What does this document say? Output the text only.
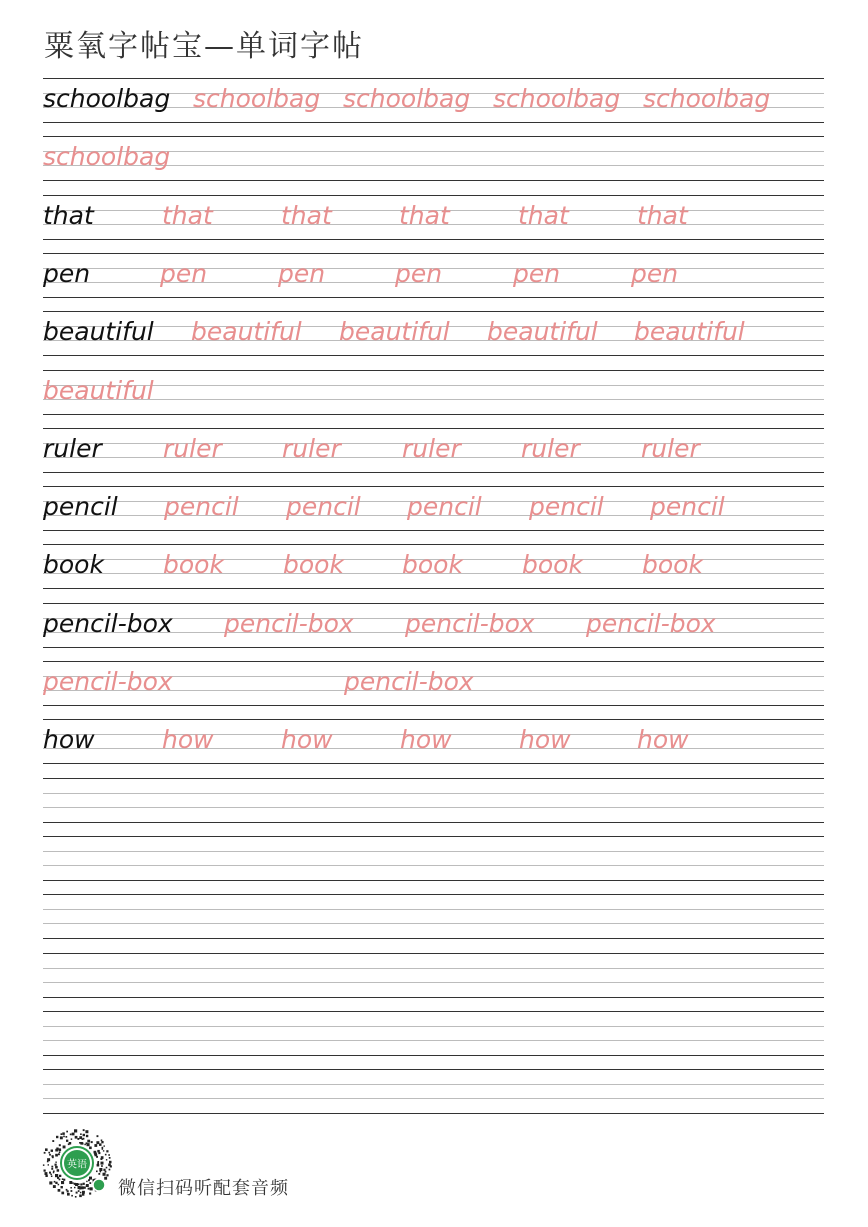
粟氧字帖宝—单词字帖
schoolbag schoolbag schoolbag schoolbag schoolbag
schoolbag
that	that	that	that	that	that
pen	pen	pen	pen	pen	pen
beautiful beautiful beautiful beautiful beautiful
beautiful
ruler ruler ruler ruler ruler ruler
pencil pencil pencil pencil pencil pencil
book book book book book book
pencil-box pencil-box pencil-box pencil-box
pencil-box	pencil-box
how	how	how	how	how	how
英语
微信扫码听配套音频
